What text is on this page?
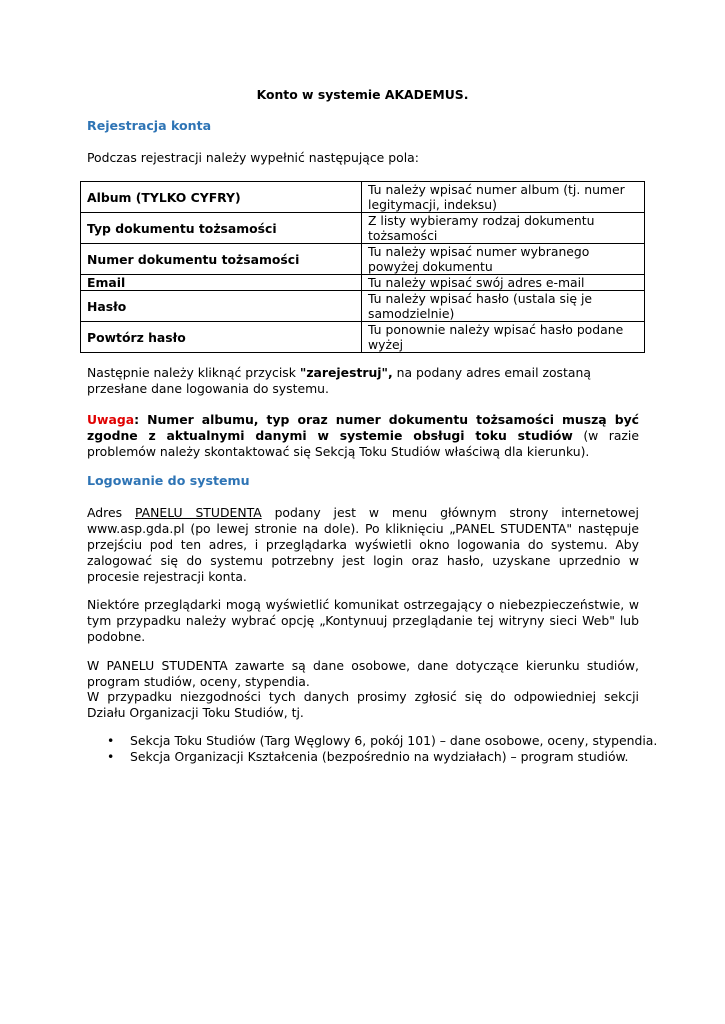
Konto w systemie AKADEMUS.
Rejestracja konta
Podczas rejestracji należy wypełnić następujące pola:
Album (TYLKO CYFRY)	Tu należy wpisać numer album (tj. numer legitymacji, indeksu)
Typ dokumentu tożsamości	Z listy wybieramy rodzaj dokumentu tożsamości
Numer dokumentu tożsamości	Tu należy wpisać numer wybranego powyżej dokumentu
Email	Tu należy wpisać swój adres e-mail
Hasło	Tu należy wpisać hasło (ustala się je samodzielnie)
Powtórz hasło	Tu ponownie należy wpisać hasło podane wyżej
Następnie należy kliknąć przycisk "zarejestruj", na podany adres email zostaną przesłane dane logowania do systemu.
Uwaga: Numer albumu, typ oraz numer dokumentu tożsamości muszą być zgodne z aktualnymi danymi w systemie obsługi toku studiów (w razie problemów należy skontaktować się Sekcją Toku Studiów właściwą dla kierunku).
Logowanie do systemu
Adres PANELU STUDENTA podany jest w menu głównym strony internetowej www.asp.gda.pl (po lewej stronie na dole). Po kliknięciu „PANEL STUDENTA" następuje przejściu pod ten adres, i przeglądarka wyświetli okno logowania do systemu. Aby zalogować się do systemu potrzebny jest login oraz hasło, uzyskane uprzednio w procesie rejestracji konta.
Niektóre przeglądarki mogą wyświetlić komunikat ostrzegający o niebezpieczeństwie, w tym przypadku należy wybrać opcję „Kontynuuj przeglądanie tej witryny sieci Web" lub podobne.
W PANELU STUDENTA zawarte są dane osobowe, dane dotyczące kierunku studiów, program studiów, oceny, stypendia.
W przypadku niezgodności tych danych prosimy zgłosić się do odpowiedniej sekcji Działu Organizacji Toku Studiów, tj.
• Sekcja Toku Studiów (Targ Węglowy 6, pokój 101) – dane osobowe, oceny, stypendia.
• Sekcja Organizacji Kształcenia (bezpośrednio na wydziałach) – program studiów.
